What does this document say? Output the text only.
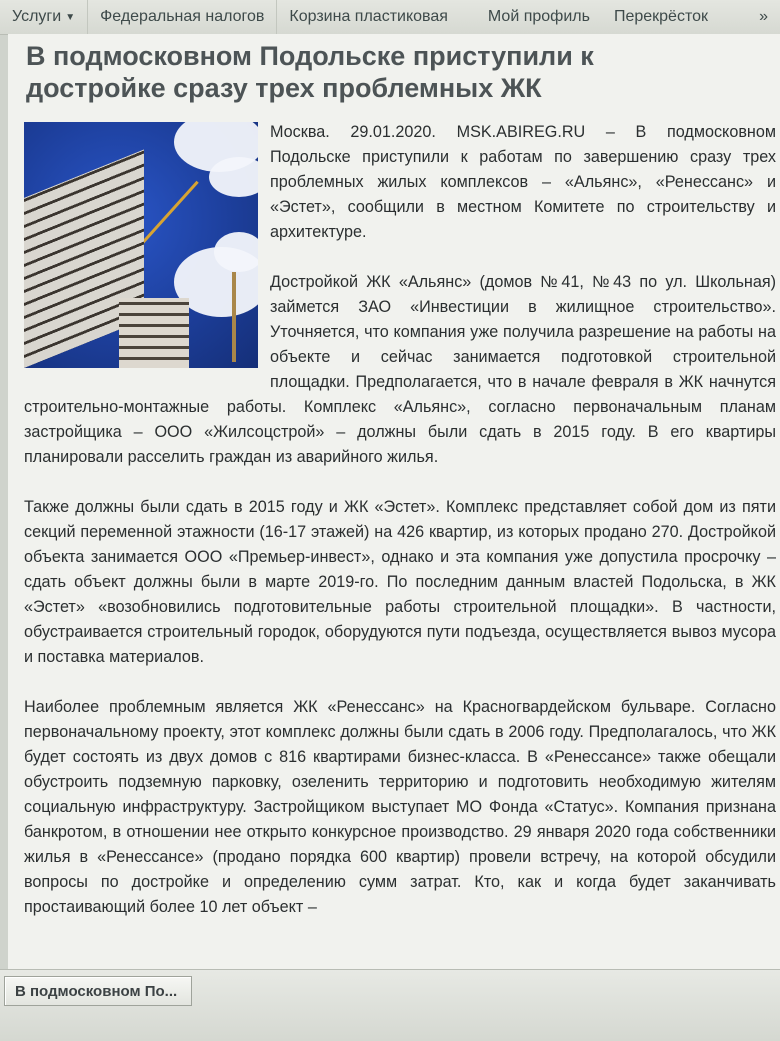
Услуги ▼ Федеральная налогов Корзина пластиковая	Мой профиль Перекрёсток	»
В подмосковном Подольске приступили к достройке сразу трех проблемных ЖК

Москва. 29.01.2020. MSK.ABIREG.RU – В подмосковном Подольске приступили к работам по завершению сразу трех проблемных жилых комплексов – «Альянс», «Ренессанс» и «Эстет», сообщили в местном Комитете по строительству и архитектуре.

Достройкой ЖК «Альянс» (домов №41, №43 по ул. Школьная) займется ЗАО «Инвестиции в жилищное строительство». Уточняется, что компания уже получила разрешение на работы на объекте и сейчас занимается подготовкой строительной площадки. Предполагается, что в начале февраля в ЖК начнутся строительно-монтажные работы. Комплекс «Альянс», согласно первоначальным планам застройщика – ООО «Жилсоцстрой» – должны были сдать в 2015 году. В его квартиры планировали расселить граждан из аварийного жилья.

Также должны были сдать в 2015 году и ЖК «Эстет». Комплекс представляет собой дом из пяти секций переменной этажности (16-17 этажей) на 426 квартир, из которых продано 270. Достройкой объекта занимается ООО «Премьер-инвест», однако и эта компания уже допустила просрочку – сдать объект должны были в марте 2019-го. По последним данным властей Подольска, в ЖК «Эстет» «возобновились подготовительные работы строительной площадки». В частности, обустраивается строительный городок, оборудуются пути подъезда, осуществляется вывоз мусора и поставка материалов.

Наиболее проблемным является ЖК «Ренессанс» на Красногвардейском бульваре. Согласно первоначальному проекту, этот комплекс должны были сдать в 2006 году. Предполагалось, что ЖК будет состоять из двух домов с 816 квартирами бизнес-класса. В «Ренессансе» также обещали обустроить подземную парковку, озеленить территорию и подготовить необходимую жителям социальную инфраструктуру. Застройщиком выступает МО Фонда «Статус». Компания признана банкротом, в отношении нее открыто конкурсное производство. 29 января 2020 года собственники жилья в «Ренессансе» (продано порядка 600 квартир) провели встречу, на которой обсудили вопросы по достройке и определению сумм затрат. Кто, как и когда будет заканчивать простаивающий более 10 лет объект –

В подмосковном По...
